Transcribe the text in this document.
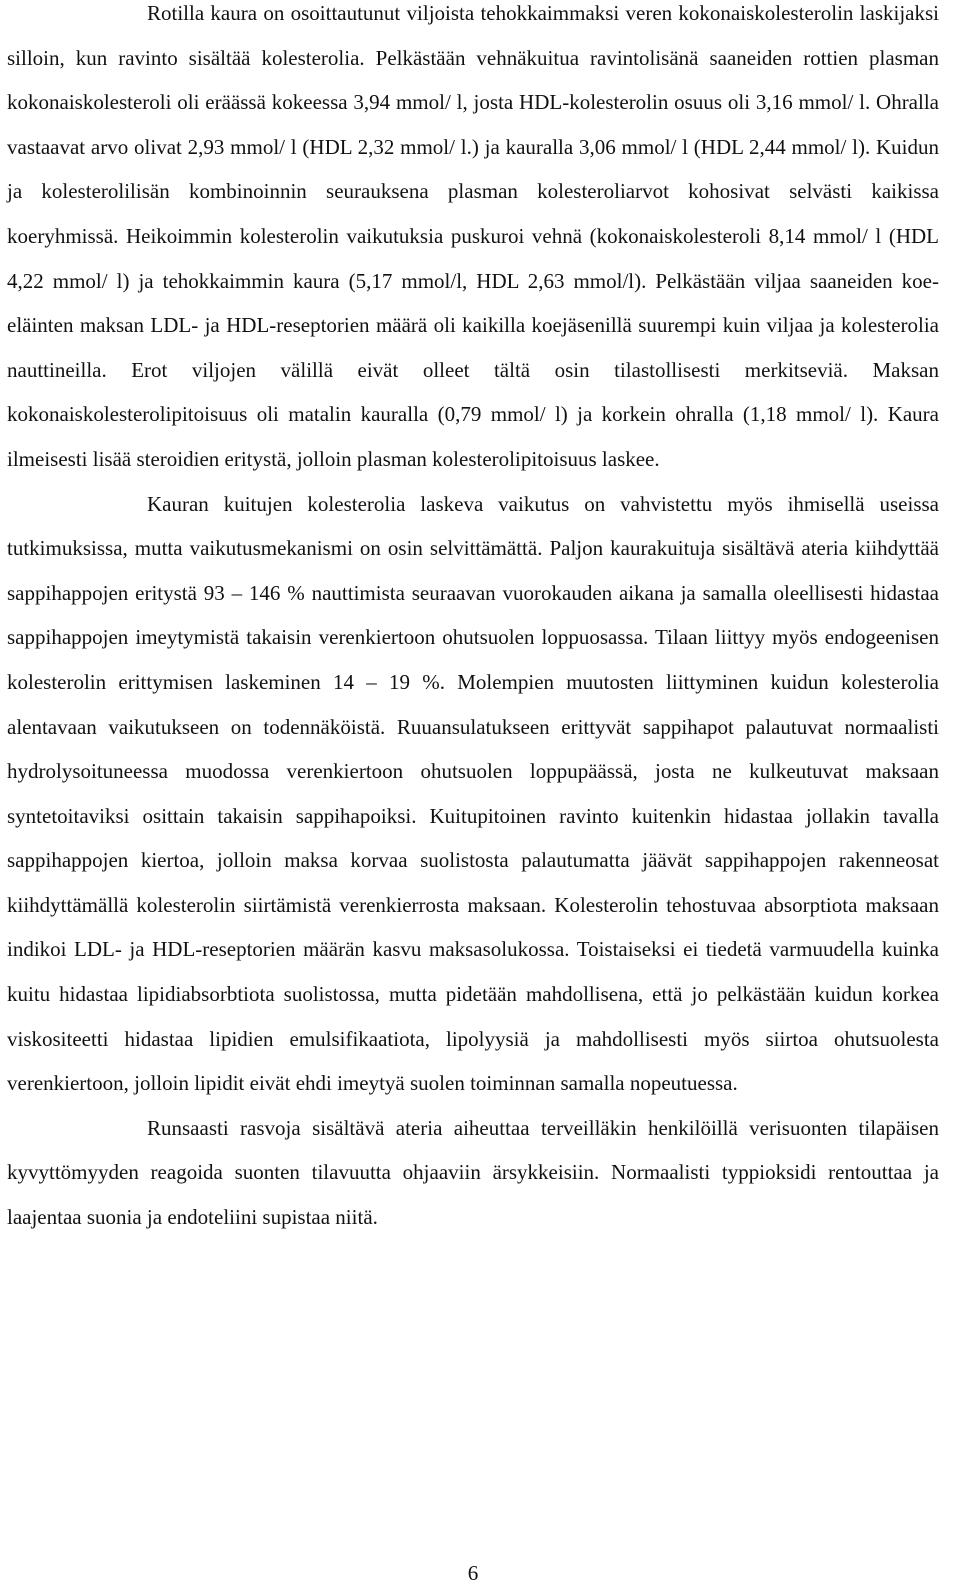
Rotilla kaura on osoittautunut viljoista tehokkaimmaksi veren kokonaiskolesterolin laskijaksi silloin, kun ravinto sisältää kolesterolia. Pelkästään vehnäkuitua ravintolisänä saaneiden rottien plasman kokonaiskolesteroli oli eräässä kokeessa 3,94 mmol/ l, josta HDL-kolesterolin osuus oli 3,16 mmol/ l. Ohralla vastaavat arvo olivat 2,93 mmol/ l (HDL 2,32 mmol/ l.) ja kauralla 3,06 mmol/ l (HDL 2,44 mmol/ l). Kuidun ja kolesterolilisän kombinoinnin seurauksena plasman kolesteroliarvot kohosivat selvästi kaikissa koeryhmissä. Heikoimmin kolesterolin vaikutuksia puskuroi vehnä (kokonaiskolesteroli 8,14 mmol/ l (HDL 4,22 mmol/ l) ja tehokkaimmin kaura (5,17 mmol/l, HDL 2,63 mmol/l). Pelkästään viljaa saaneiden koe-eläinten maksan LDL- ja HDL-reseptorien määrä oli kaikilla koejäsenillä suurempi kuin viljaa ja kolesterolia nauttineilla. Erot viljojen välillä eivät olleet tältä osin tilastollisesti merkitseviä. Maksan kokonaiskolesterolipitoisuus oli matalin kauralla (0,79 mmol/ l) ja korkein ohralla (1,18 mmol/ l). Kaura ilmeisesti lisää steroidien eritystä, jolloin plasman kolesterolipitoisuus laskee.

Kauran kuitujen kolesterolia laskeva vaikutus on vahvistettu myös ihmisellä useissa tutkimuksissa, mutta vaikutusmekanismi on osin selvittämättä. Paljon kaurakuituja sisältävä ateria kiihdyttää sappihappojen eritystä 93 – 146 % nauttimista seuraavan vuorokauden aikana ja samalla oleellisesti hidastaa sappihappojen imeytymistä takaisin verenkiertoon ohutsuolen loppuosassa. Tilaan liittyy myös endogeenisen kolesterolin erittymisen laskeminen 14 – 19 %. Molempien muutosten liittyminen kuidun kolesterolia alentavaan vaikutukseen on todennäköistä. Ruuansulatukseen erittyvät sappihapot palautuvat normaalisti hydrolysoituneessa muodossa verenkiertoon ohutsuolen loppupäässä, josta ne kulkeutuvat maksaan syntetoitaviksi osittain takaisin sappihapoiksi. Kuitupitoinen ravinto kuitenkin hidastaa jollakin tavalla sappihappojen kiertoa, jolloin maksa korvaa suolistosta palautumatta jäävät sappihappojen rakenneosat kiihdyttämällä kolesterolin siirtämistä verenkierrosta maksaan. Kolesterolin tehostuvaa absorptiota maksaan indikoi LDL- ja HDL-reseptorien määrän kasvu maksasolukossa. Toistaiseksi ei tiedetä varmuudella kuinka kuitu hidastaa lipidiabsorbtiota suolistossa, mutta pidetään mahdollisena, että jo pelkästään kuidun korkea viskositeetti hidastaa lipidien emulsifikaatiota, lipolyysiä ja mahdollisesti myös siirtoa ohutsuolesta verenkiertoon, jolloin lipidit eivät ehdi imeytyä suolen toiminnan samalla nopeutuessa.

Runsaasti rasvoja sisältävä ateria aiheuttaa terveilläkin henkilöillä verisuonten tilapäisen kyvyttömyyden reagoida suonten tilavuutta ohjaaviin ärsykkeisiin. Normaalisti typpioksidi rentouttaa ja laajentaa suonia ja endoteliini supistaa niitä.

6
